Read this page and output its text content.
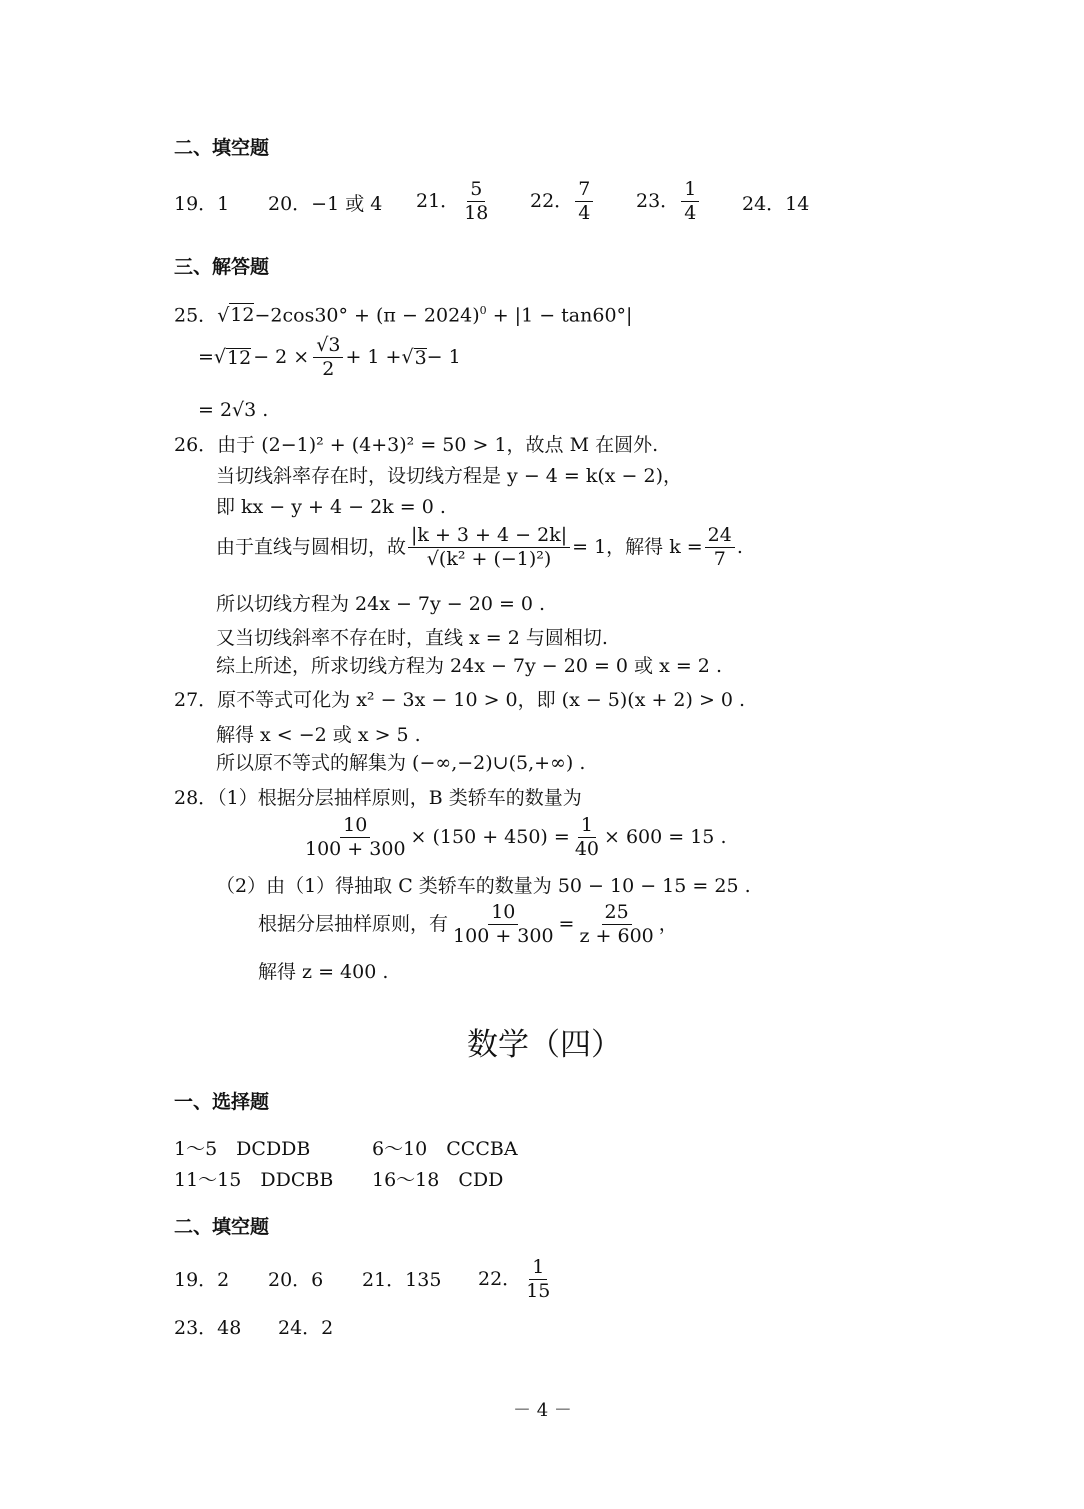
二、填空题
19．1 20．−1 或 4 21． $\frac{5}{18} 22$． $\frac{7}{4} 23$． $\frac{1}{4} 24$．14
三、解答题
25．$√12-2\cos 30^\circ + (\pi - 2024)^0 + |1 - \tan 60^\circ|$
= √ $12 - 2 \times \frac{√3}{2} + 1$ + √ 3 − 1
= 2√3 .
26．由于 (2−1)² + (4+3)² = 50 > 1，故点 M 在圆外.
当切线斜率存在时，设切线方程是 y − 4 = k(x − 2)，
即 kx − y + 4 − 2k = 0 .
由于直线与圆相切，故 $\frac{|k + 3 + 4 - 2k|}{\text{√(k² + (−1)²)}} = 1$，解得 $k = \frac{24}{7}$ .
所以切线方程为 24x − 7y − 20 = 0 .
又当切线斜率不存在时，直线 x = 2 与圆相切.
综上所述，所求切线方程为 24x − 7y − 20 = 0 或 x = 2 .
27．原不等式可化为 x² − 3x − 10 > 0，即 (x − 5)(x + 2) > 0 .
解得 x < −2 或 x > 5 .
所以原不等式的解集为 (−∞,−2)∪(5,+∞) .
28．（1）根据分层抽样原则，B 类轿车的数量为
$\frac{10}{100 + 300} \times (150 + 450) = \frac{1}{40} \times 600 = 15$ .
（2）由（1）得抽取 C 类轿车的数量为 50 − 10 − 15 = 25 .
根据分层抽样原则，有 $\frac{10}{100 + 300} = \frac{25}{z + 600}$ ，
解得 z = 400 .
数学（四）
一、选择题
1～5　DCDDB	6～10　CCCBA
11～15　DDCBB 16～18　CDD
二、填空题
19．2 20．6 21．135 22． $\frac{1}{15}$
23．48 24．2
－ 4 －
